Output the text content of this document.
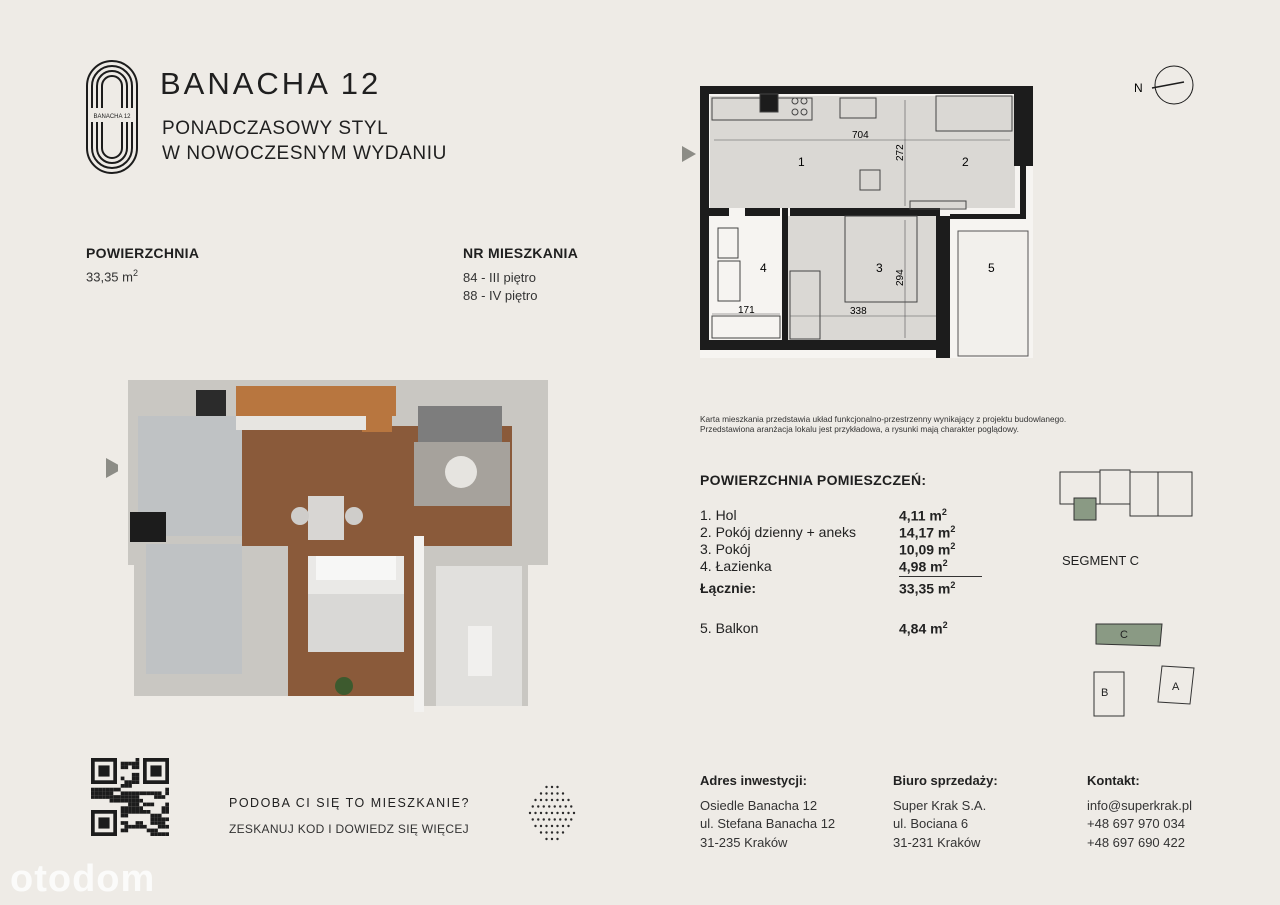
BANACHA 12
BANACHA 12
PONADCZASOWY STYL
W NOWOCZESNYM WYDANIU
POWIERZCHNIA
33,35 $m^2$
NR MIESZKANIA
84 - III piętro
88 - IV piętro
1	2
3
4	5
704
272
294
338
171
N
Karta mieszkania przedstawia układ funkcjonalno-przestrzenny wynikający z projektu budowlanego.
Przedstawiona aranżacja lokalu jest przykładowa, a rysunki mają charakter poglądowy.
POWIERZCHNIA POMIESZCZEŃ:
1. Hol	4,11 $m^2$
2. Pokój dzienny + aneks	14,17 $m^2$
3. Pokój	10,09 $m^2$
4. Łazienka	4,98 $m^2$
Łącznie:	33,35 $m^2$
5. Balkon	4,84 $m^2$
SEGMENT C
C
B	A
PODOBA CI SIĘ TO MIESZKANIE?
ZESKANUJ KOD I DOWIEDZ SIĘ WIĘCEJ
Adres inwestycji:
Osiedle Banacha 12
ul. Stefana Banacha 12
31-235 Kraków
Biuro sprzedaży:
Super Krak S.A.
ul. Bociana 6
31-231 Kraków
Kontakt:
info@superkrak.pl
+48 697 970 034
+48 697 690 422
otodom
